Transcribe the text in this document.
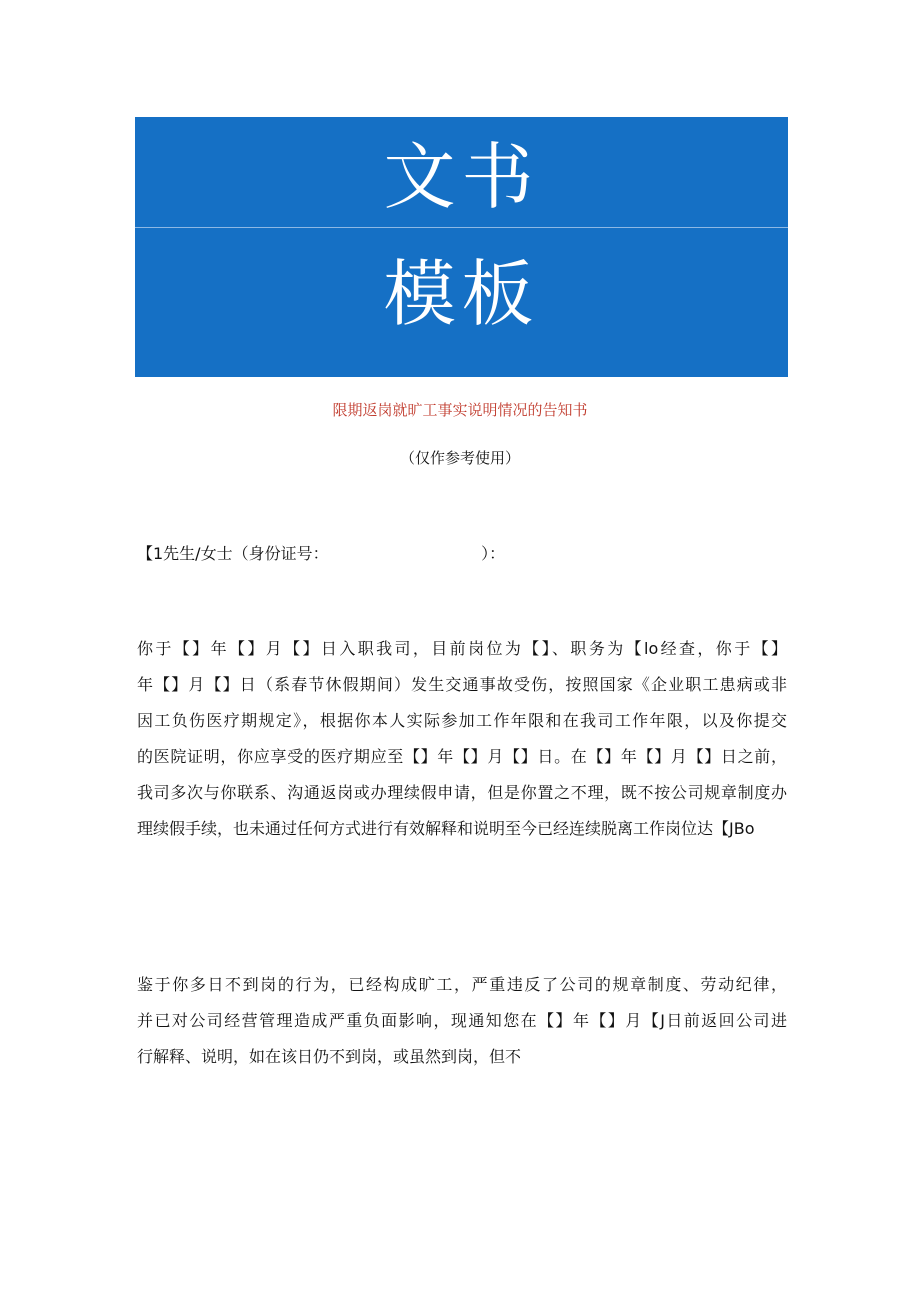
文书
模板
限期返岗就旷工事实说明情况的告知书
（仅作参考使用）
【1先生/女士（身份证号：                              ）：
你于【】年【】月【】日入职我司，目前岗位为【】、职务为【lo经查，你于【】
年【】月【】日（系春节休假期间）发生交通事故受伤，按照国家《企业职工患病或非
因工负伤医疗期规定》，根据你本人实际参加工作年限和在我司工作年限，以及你提交
的医院证明，你应享受的医疗期应至【】年【】月【】日。在【】年【】月【】日之前，
我司多次与你联系、沟通返岗或办理续假申请，但是你置之不理，既不按公司规章制度办
理续假手续，也未通过任何方式进行有效解释和说明至今已经连续脱离工作岗位达【JBo
鉴于你多日不到岗的行为，已经构成旷工，严重违反了公司的规章制度、劳动纪律，
并已对公司经营管理造成严重负面影响，现通知您在【】年【】月【J日前返回公司进
行解释、说明，如在该日仍不到岗，或虽然到岗，但不
